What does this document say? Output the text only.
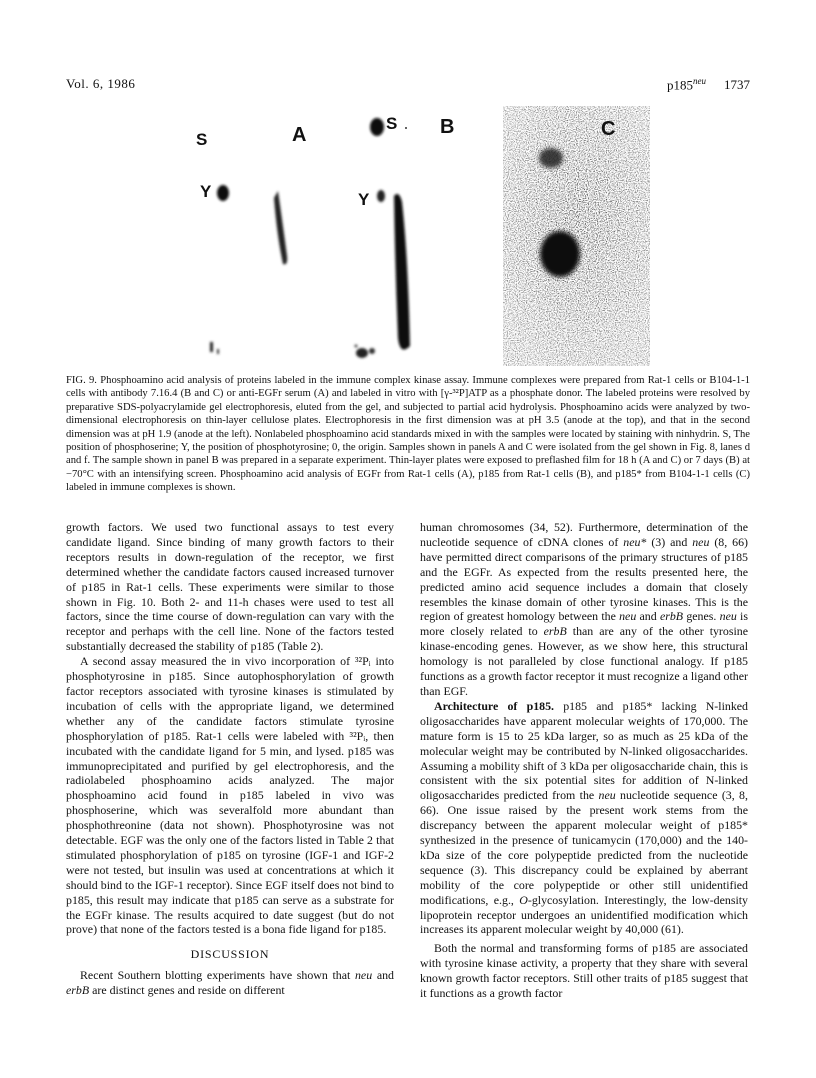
Vol. 6, 1986	$p185^{neu}$ 1737
A
S
Y
B
S
Y
C

FIG. 9. Phosphoamino acid analysis of proteins labeled in the immune complex kinase assay. Immune complexes were prepared from Rat-1 cells or B104-1-1 cells with antibody 7.16.4 (B and C) or anti-EGFr serum (A) and labeled in vitro with [γ-³²P]ATP as a phosphate donor. The labeled proteins were resolved by preparative SDS-polyacrylamide gel electrophoresis, eluted from the gel, and subjected to partial acid hydrolysis. Phosphoamino acids were analyzed by two-dimensional electrophoresis on thin-layer cellulose plates. Electrophoresis in the first dimension was at pH 3.5 (anode at the top), and that in the second dimension was at pH 1.9 (anode at the left). Nonlabeled phosphoamino acid standards mixed in with the samples were located by staining with ninhydrin. S, The position of phosphoserine; Y, the position of phosphotyrosine; 0, the origin. Samples shown in panels A and C were isolated from the gel shown in Fig. 8, lanes d and f. The sample shown in panel B was prepared in a separate experiment. Thin-layer plates were exposed to preflashed film for 18 h (A and C) or 7 days (B) at −70°C with an intensifying screen. Phosphoamino acid analysis of EGFr from Rat-1 cells (A), p185 from Rat-1 cells (B), and p185* from B104-1-1 cells (C) labeled in immune complexes is shown.

growth factors. We used two functional assays to test every candidate ligand. Since binding of many growth factors to their receptors results in down-regulation of the receptor, we first determined whether the candidate factors caused increased turnover of p185 in Rat-1 cells. These experiments were similar to those shown in Fig. 10. Both 2- and 11-h chases were used to test all factors, since the time course of down-regulation can vary with the receptor and perhaps with the cell line. None of the factors tested substantially decreased the stability of p185 (Table 2).

A second assay measured the in vivo incorporation of ³²Pᵢ into phosphotyrosine in p185. Since autophosphorylation of growth factor receptors associated with tyrosine kinases is stimulated by incubation of cells with the appropriate ligand, we determined whether any of the candidate factors stimulate tyrosine phosphorylation of p185. Rat-1 cells were labeled with ³²Pᵢ, then incubated with the candidate ligand for 5 min, and lysed. p185 was immunoprecipitated and purified by gel electrophoresis, and the radiolabeled phosphoamino acids analyzed. The major phosphoamino acid found in p185 labeled in vivo was phosphoserine, which was severalfold more abundant than phosphothreonine (data not shown). Phosphotyrosine was not detectable. EGF was the only one of the factors listed in Table 2 that stimulated phosphorylation of p185 on tyrosine (IGF-1 and IGF-2 were not tested, but insulin was used at concentrations at which it should bind to the IGF-1 receptor). Since EGF itself does not bind to p185, this result may indicate that p185 can serve as a substrate for the EGFr kinase. The results acquired to date suggest (but do not prove) that none of the factors tested is a bona fide ligand for p185.

DISCUSSION

Recent Southern blotting experiments have shown that neu and erbB are distinct genes and reside on different

human chromosomes (34, 52). Furthermore, determination of the nucleotide sequence of cDNA clones of neu* (3) and neu (8, 66) have permitted direct comparisons of the primary structures of p185 and the EGFr. As expected from the results presented here, the predicted amino acid sequence includes a domain that closely resembles the kinase domain of other tyrosine kinases. This is the region of greatest homology between the neu and erbB genes. neu is more closely related to erbB than are any of the other tyrosine kinase-encoding genes. However, as we show here, this structural homology is not paralleled by close functional analogy. If p185 functions as a growth factor receptor it must recognize a ligand other than EGF.

Architecture of p185. p185 and p185* lacking N-linked oligosaccharides have apparent molecular weights of 170,000. The mature form is 15 to 25 kDa larger, so as much as 25 kDa of the molecular weight may be contributed by N-linked oligosaccharides. Assuming a mobility shift of 3 kDa per oligosaccharide chain, this is consistent with the six potential sites for addition of N-linked oligosaccharides predicted from the neu nucleotide sequence (3, 8, 66). One issue raised by the present work stems from the discrepancy between the apparent molecular weight of p185* synthesized in the presence of tunicamycin (170,000) and the 140-kDa size of the core polypeptide predicted from the nucleotide sequence (3). This discrepancy could be explained by aberrant mobility of the core polypeptide or other still unidentified modifications, e.g., O-glycosylation. Interestingly, the low-density lipoprotein receptor undergoes an unidentified modification which increases its apparent molecular weight by 40,000 (61).

Both the normal and transforming forms of p185 are associated with tyrosine kinase activity, a property that they share with several known growth factor receptors. Still other traits of p185 suggest that it functions as a growth factor
